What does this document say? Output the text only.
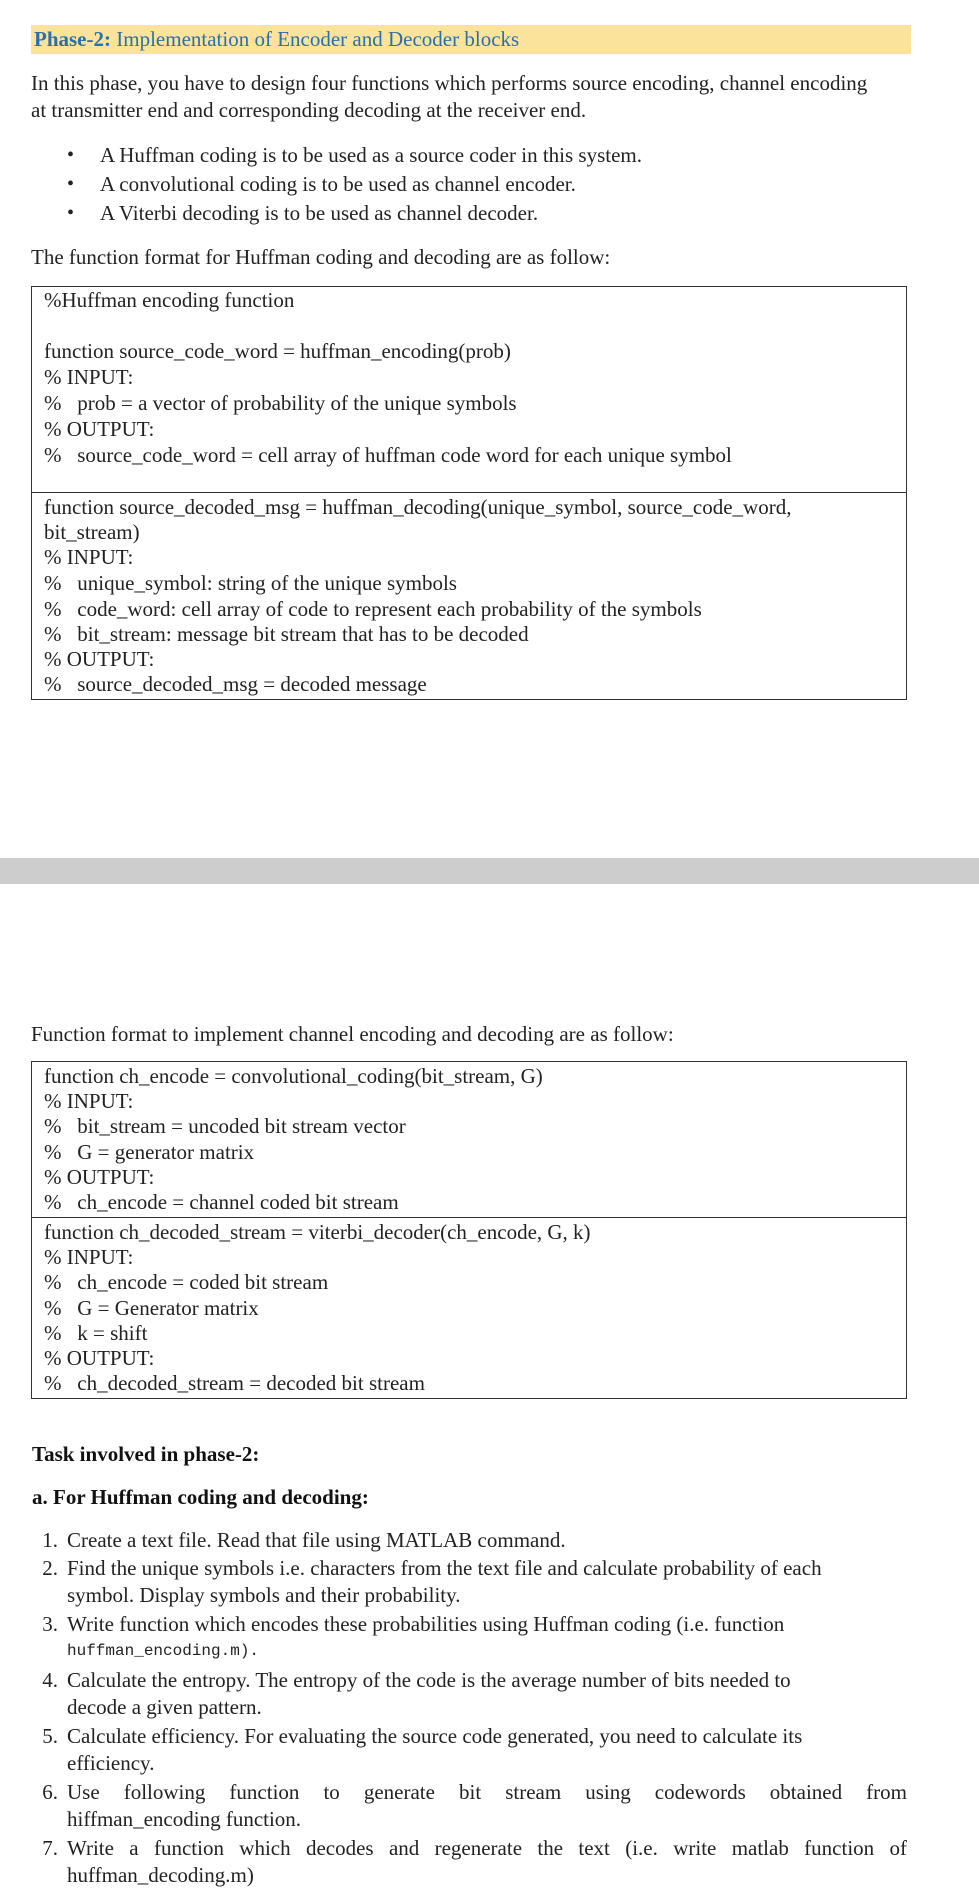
Phase-2: Implementation of Encoder and Decoder blocks
In this phase, you have to design four functions which performs source encoding, channel encoding
at transmitter end and corresponding decoding at the receiver end.
• A Huffman coding is to be used as a source coder in this system.
• A convolutional coding is to be used as channel encoder.
• A Viterbi decoding is to be used as channel decoder.
The function format for Huffman coding and decoding are as follow:
%Huffman encoding function
function source_code_word = huffman_encoding(prob)
% INPUT:
%   prob = a vector of probability of the unique symbols
% OUTPUT:
%   source_code_word = cell array of huffman code word for each unique symbol
function source_decoded_msg = huffman_decoding(unique_symbol, source_code_word,
bit_stream)
% INPUT:
%   unique_symbol: string of the unique symbols
%   code_word: cell array of code to represent each probability of the symbols
%   bit_stream: message bit stream that has to be decoded
% OUTPUT:
%   source_decoded_msg = decoded message
Function format to implement channel encoding and decoding are as follow:
function ch_encode = convolutional_coding(bit_stream, G)
% INPUT:
%   bit_stream = uncoded bit stream vector
%   G = generator matrix
% OUTPUT:
%   ch_encode = channel coded bit stream
function ch_decoded_stream = viterbi_decoder(ch_encode, G, k)
% INPUT:
%   ch_encode = coded bit stream
%   G = Generator matrix
%   k = shift
% OUTPUT:
%   ch_decoded_stream = decoded bit stream
Task involved in phase-2:
a. For Huffman coding and decoding:
1. Create a text file. Read that file using MATLAB command.
2. Find the unique symbols i.e. characters from the text file and calculate probability of each
symbol. Display symbols and their probability.
3. Write function which encodes these probabilities using Huffman coding (i.e. function
huffman_encoding.m).
4. Calculate the entropy. The entropy of the code is the average number of bits needed to
decode a given pattern.
5. Calculate efficiency. For evaluating the source code generated, you need to calculate its
efficiency.
6. Use following function to generate bit stream using codewords obtained from
hiffman_encoding function.
7. Write a function which decodes and regenerate the text (i.e. write matlab function of
huffman_decoding.m)
